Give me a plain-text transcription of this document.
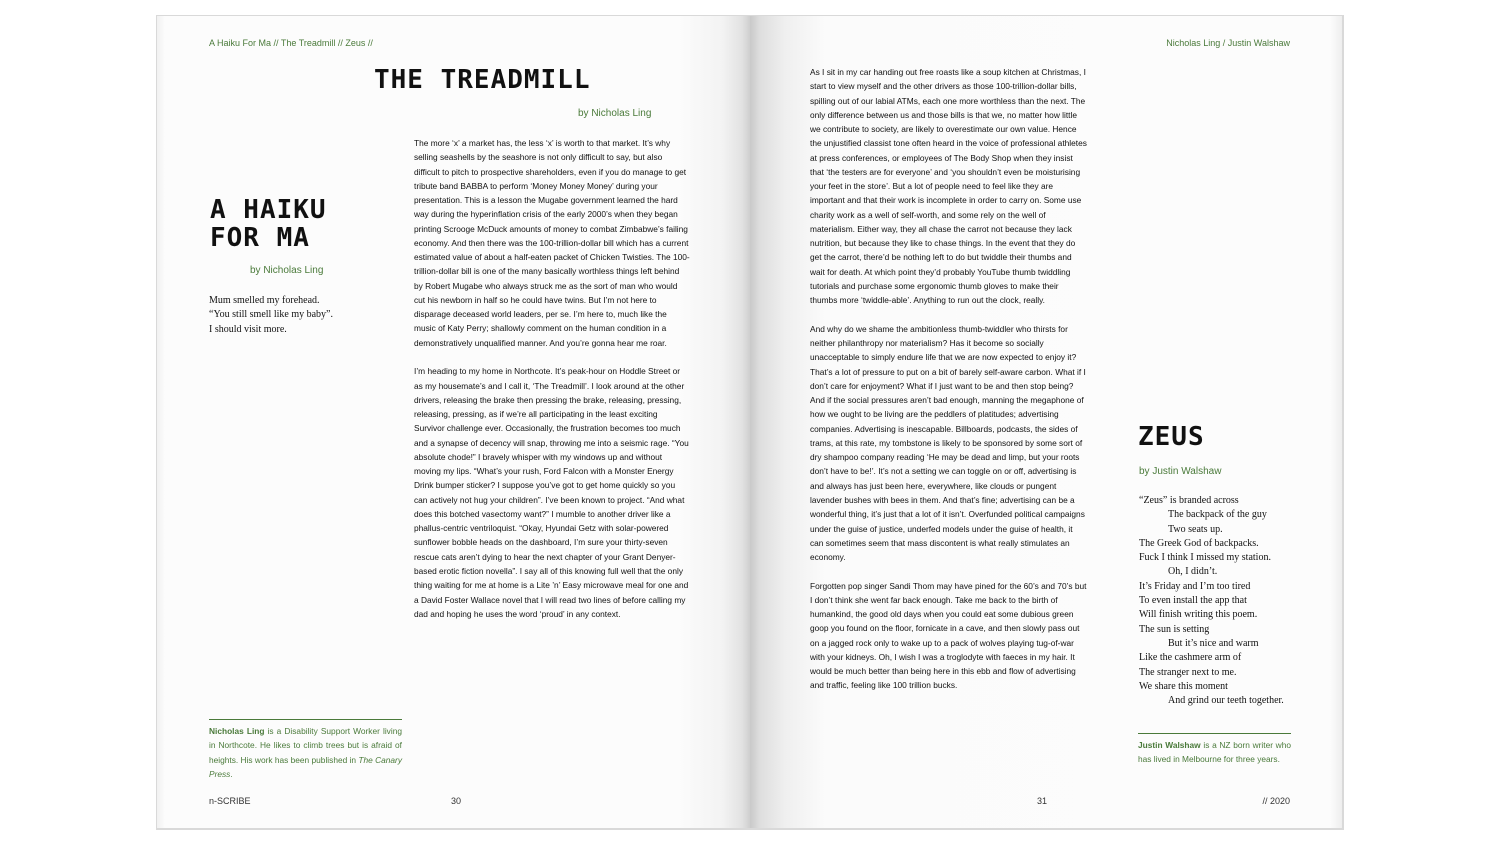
A Haiku For Ma // The Treadmill // Zeus //
A HAIKU
FOR MA
by Nicholas Ling
Mum smelled my forehead.
“You still smell like my baby”.
I should visit more.
Nicholas Ling is a Disability Support Worker living in Northcote. He likes to climb trees but is afraid of heights. His work has been published in The Canary Press.
THE TREADMILL
by Nicholas Ling

The more ‘x’ a market has, the less ‘x’ is worth to that market. It’s why selling seashells by the seashore is not only difficult to say, but also difficult to pitch to prospective shareholders, even if you do manage to get tribute band BABBA to perform ‘Money Money Money’ during your presentation. This is a lesson the Mugabe government learned the hard way during the hyperinflation crisis of the early 2000’s when they began printing Scrooge McDuck amounts of money to combat Zimbabwe’s failing economy. And then there was the 100-trillion-dollar bill which has a current estimated value of about a half-eaten packet of Chicken Twisties. The 100-trillion-dollar bill is one of the many basically worthless things left behind by Robert Mugabe who always struck me as the sort of man who would cut his newborn in half so he could have twins. But I’m not here to disparage deceased world leaders, per se. I’m here to, much like the music of Katy Perry; shallowly comment on the human condition in a demonstratively unqualified manner. And you’re gonna hear me roar.

I’m heading to my home in Northcote. It’s peak-hour on Hoddle Street or as my housemate’s and I call it, ‘The Treadmill’. I look around at the other drivers, releasing the brake then pressing the brake, releasing, pressing, releasing, pressing, as if we’re all participating in the least exciting Survivor challenge ever. Occasionally, the frustration becomes too much and a synapse of decency will snap, throwing me into a seismic rage. “You absolute chode!” I bravely whisper with my windows up and without moving my lips. “What’s your rush, Ford Falcon with a Monster Energy Drink bumper sticker? I suppose you’ve got to get home quickly so you can actively not hug your children”. I’ve been known to project. “And what does this botched vasectomy want?” I mumble to another driver like a phallus-centric ventriloquist. “Okay, Hyundai Getz with solar-powered sunflower bobble heads on the dashboard, I’m sure your thirty-seven rescue cats aren’t dying to hear the next chapter of your Grant Denyer-based erotic fiction novella”. I say all of this knowing full well that the only thing waiting for me at home is a Lite ’n’ Easy microwave meal for one and a David Foster Wallace novel that I will read two lines of before calling my dad and hoping he uses the word ‘proud’ in any context.

n-SCRIBE	30
Nicholas Ling / Justin Walshaw

As I sit in my car handing out free roasts like a soup kitchen at Christmas, I start to view myself and the other drivers as those 100-trillion-dollar bills, spilling out of our labial ATMs, each one more worthless than the next. The only difference between us and those bills is that we, no matter how little we contribute to society, are likely to overestimate our own value. Hence the unjustified classist tone often heard in the voice of professional athletes at press conferences, or employees of The Body Shop when they insist that ‘the testers are for everyone’ and ‘you shouldn’t even be moisturising your feet in the store’. But a lot of people need to feel like they are important and that their work is incomplete in order to carry on. Some use charity work as a well of self-worth, and some rely on the well of materialism. Either way, they all chase the carrot not because they lack nutrition, but because they like to chase things. In the event that they do get the carrot, there’d be nothing left to do but twiddle their thumbs and wait for death. At which point they’d probably YouTube thumb twiddling tutorials and purchase some ergonomic thumb gloves to make their thumbs more ‘twiddle-able’. Anything to run out the clock, really.

And why do we shame the ambitionless thumb-twiddler who thirsts for neither philanthropy nor materialism? Has it become so socially unacceptable to simply endure life that we are now expected to enjoy it? That’s a lot of pressure to put on a bit of barely self-aware carbon. What if I don’t care for enjoyment? What if I just want to be and then stop being? And if the social pressures aren’t bad enough, manning the megaphone of how we ought to be living are the peddlers of platitudes; advertising companies. Advertising is inescapable. Billboards, podcasts, the sides of trams, at this rate, my tombstone is likely to be sponsored by some sort of dry shampoo company reading ‘He may be dead and limp, but your roots don’t have to be!’. It’s not a setting we can toggle on or off, advertising is and always has just been here, everywhere, like clouds or pungent lavender bushes with bees in them. And that’s fine; advertising can be a wonderful thing, it’s just that a lot of it isn’t. Overfunded political campaigns under the guise of justice, underfed models under the guise of health, it can sometimes seem that mass discontent is what really stimulates an economy.

Forgotten pop singer Sandi Thom may have pined for the 60’s and 70’s but I don’t think she went far back enough. Take me back to the birth of humankind, the good old days when you could eat some dubious green goop you found on the floor, fornicate in a cave, and then slowly pass out on a jagged rock only to wake up to a pack of wolves playing tug-of-war with your kidneys. Oh, I wish I was a troglodyte with faeces in my hair. It would be much better than being here in this ebb and flow of advertising and traffic, feeling like 100 trillion bucks.

ZEUS
by Justin Walshaw
“Zeus” is branded across
The backpack of the guy
Two seats up.
The Greek God of backpacks.
Fuck I think I missed my station.
Oh, I didn’t.
It’s Friday and I’m too tired
To even install the app that
Will finish writing this poem.
The sun is setting
But it’s nice and warm
Like the cashmere arm of
The stranger next to me.
We share this moment
And grind our teeth together.
Justin Walshaw is a NZ born writer who has lived in Melbourne for three years.
31	// 2020
